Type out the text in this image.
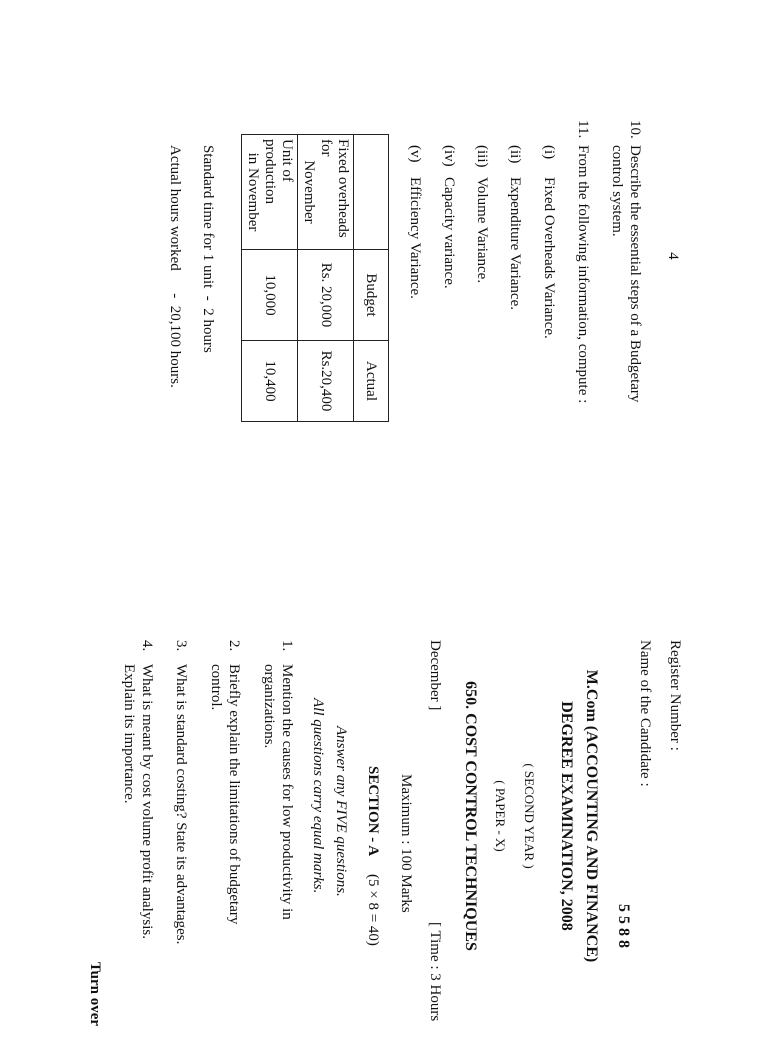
4
10.
Describe the essential steps of a Budgetary
control system.
11.
From the following information, compute :
(i)
Fixed Overheads Variance.
(ii)
Expenditure Variance.
(iii)
Volume Variance.
(iv)
Capacity variance.
(v)
Efficiency Variance.
	Budget	Actual

Fixed overheads for
November	Rs. 20,000	Rs.20,400

Unit of production
in November	10,000	10,400
Standard time for 1 unit  -  2 hours
Actual hours worked      -  20,100 hours.
Register Number :
Name of the Candidate :
5 5 8 8
M.Com (ACCOUNTING AND FINANCE)
DEGREE EXAMINATION, 2008
( SECOND YEAR )
( PAPER - X)
650. COST CONTROL TECHNIQUES
December ]
[ Time : 3 Hours
Maximum : 100 Marks
SECTION - A
(5 × 8 = 40)
Answer any FIVE questions.
All questions carry equal marks.
1.
Mention the causes for low productivity in
organizations.
2.
Briefly explain the limitations of budgetary
control.
3.
What is standard costing? State its advantages.
4.
What is meant by cost volume profit analysis.
Explain its importance.
Turn over
